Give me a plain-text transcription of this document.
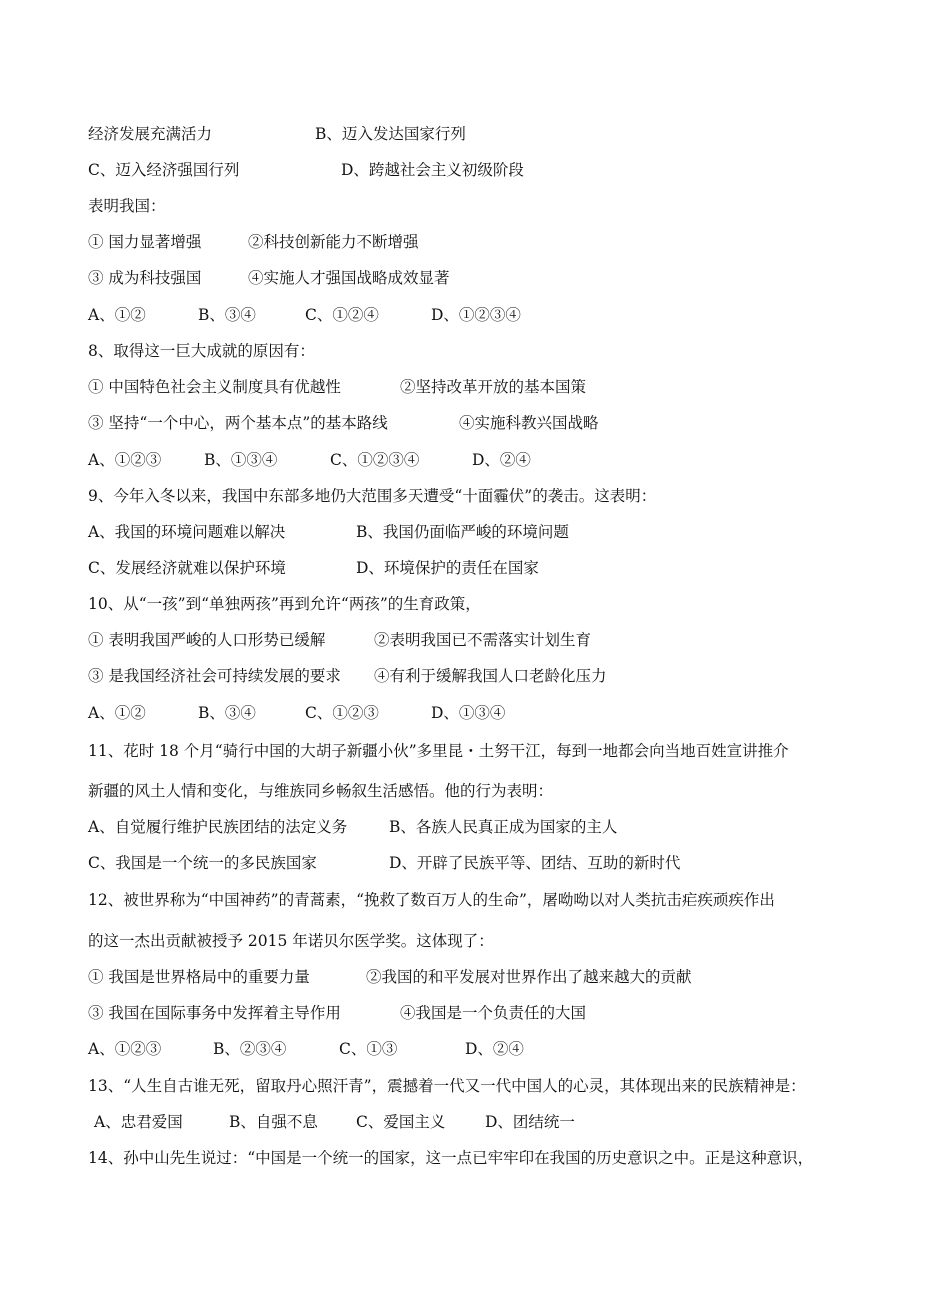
经济发展充满活力	B、迈入发达国家行列
C、迈入经济强国行列	D、跨越社会主义初级阶段
表明我国：
① 国力显著增强	②科技创新能力不断增强
③ 成为科技强国	④实施人才强国战略成效显著
A、①②	B、③④	C、①②④	D、①②③④
8、取得这一巨大成就的原因有：
① 中国特色社会主义制度具有优越性	②坚持改革开放的基本国策
③ 坚持“一个中心，两个基本点”的基本路线	④实施科教兴国战略
A、①②③	B、①③④	C、①②③④	D、②④
9、今年入冬以来，我国中东部多地仍大范围多天遭受“十面霾伏”的袭击。这表明：
A、我国的环境问题难以解决	B、我国仍面临严峻的环境问题
C、发展经济就难以保护环境	D、环境保护的责任在国家
10、从“一孩”到“单独两孩”再到允许“两孩”的生育政策，
① 表明我国严峻的人口形势已缓解	②表明我国已不需落实计划生育
③ 是我国经济社会可持续发展的要求 ④有利于缓解我国人口老龄化压力
A、①②	B、③④	C、①②③	D、①③④
11、花时 18 个月“骑行中国的大胡子新疆小伙”多里昆・土努干江，每到一地都会向当地百姓宣讲推介
新疆的风土人情和变化，与维族同乡畅叙生活感悟。他的行为表明：
A、自觉履行维护民族团结的法定义务	B、各族人民真正成为国家的主人
C、我国是一个统一的多民族国家	D、开辟了民族平等、团结、互助的新时代
12、被世界称为“中国神药”的青蒿素，“挽救了数百万人的生命”，屠呦呦以对人类抗击疟疾顽疾作出
的这一杰出贡献被授予 2015 年诺贝尔医学奖。这体现了：
① 我国是世界格局中的重要力量	②我国的和平发展对世界作出了越来越大的贡献
③ 我国在国际事务中发挥着主导作用	④我国是一个负责任的大国
A、①②③	B、②③④	C、①③	D、②④
13、“人生自古谁无死，留取丹心照汗青”，震撼着一代又一代中国人的心灵，其体现出来的民族精神是：
A、忠君爱国	B、自强不息 C、爱国主义	D、团结统一
14、孙中山先生说过：“中国是一个统一的国家，这一点已牢牢印在我国的历史意识之中。正是这种意识，
